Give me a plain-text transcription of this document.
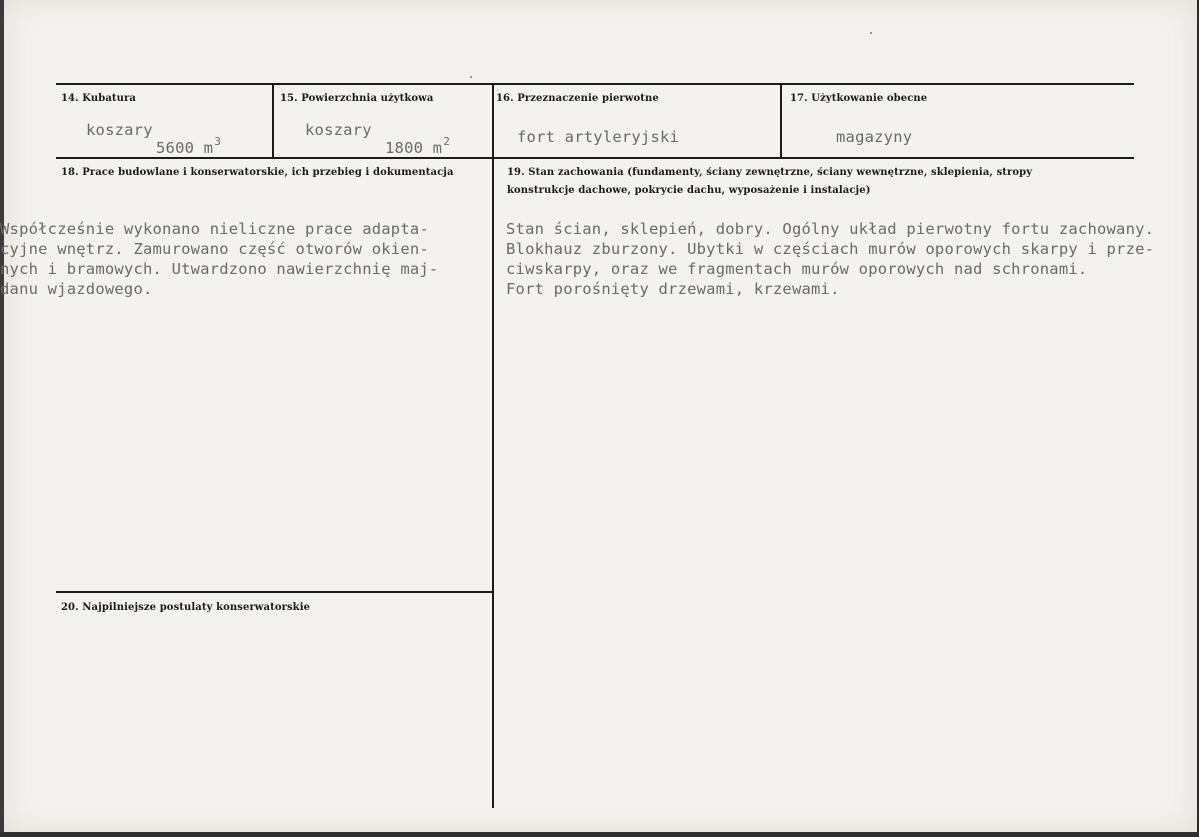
14. Kubatura
koszary
5600 $m^3$
15. Powierzchnia użytkowa
koszary
1800 $m^2$
16. Przeznaczenie pierwotne
fort artyleryjski
17. Użytkowanie obecne
magazyny
18. Prace budowlane i konserwatorskie, ich przebieg i dokumentacja
Współcześnie wykonano nieliczne prace adapta-
cyjne wnętrz. Zamurowano część otworów okien-
nych i bramowych. Utwardzono nawierzchnię maj-
danu wjazdowego.
19. Stan zachowania (fundamenty, ściany zewnętrzne, ściany wewnętrzne, sklepienia, stropy
konstrukcje dachowe, pokrycie dachu, wyposażenie i instalacje)
Stan ścian, sklepień, dobry. Ogólny układ pierwotny fortu zachowany.
Blokhauz zburzony. Ubytki w częściach murów oporowych skarpy i prze-
ciwskarpy, oraz we fragmentach murów oporowych nad schronami.
Fort porośnięty drzewami, krzewami.
20. Najpilniejsze postulaty konserwatorskie
